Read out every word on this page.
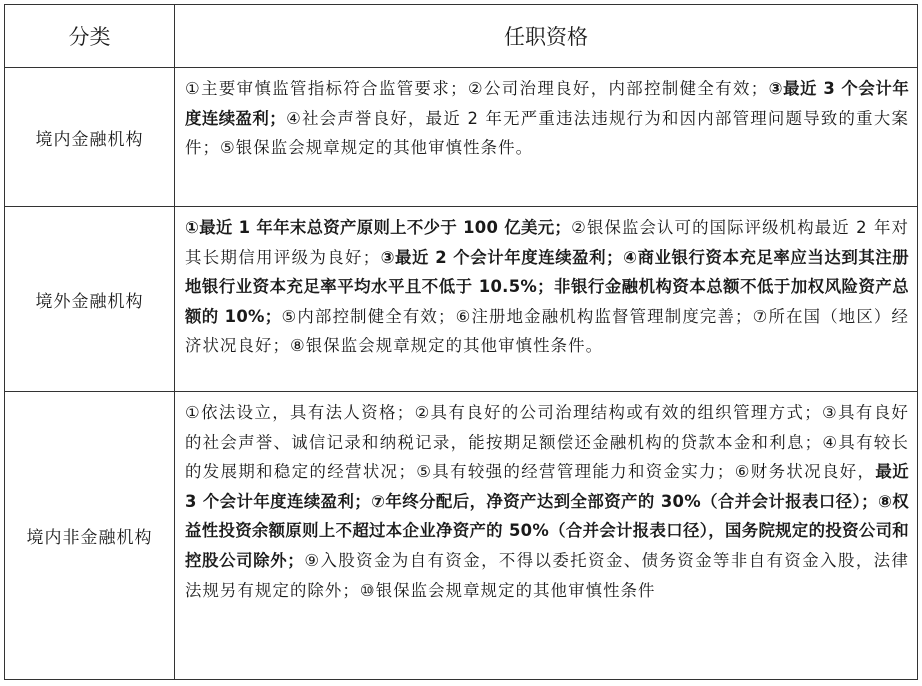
分类	任职资格
境内金融机构	①主要审慎监管指标符合监管要求；②公司治理良好，内部控制健全有效；③最近 3 个会计年度连续盈利；④社会声誉良好，最近 2 年无严重违法违规行为和因内部管理问题导致的重大案件；⑤银保监会规章规定的其他审慎性条件。
境外金融机构	①最近 1 年年末总资产原则上不少于 100 亿美元；②银保监会认可的国际评级机构最近 2 年对其长期信用评级为良好；③最近 2 个会计年度连续盈利；④商业银行资本充足率应当达到其注册地银行业资本充足率平均水平且不低于 10.5%；非银行金融机构资本总额不低于加权风险资产总额的 10%；⑤内部控制健全有效；⑥注册地金融机构监督管理制度完善；⑦所在国（地区）经济状况良好；⑧银保监会规章规定的其他审慎性条件。
境内非金融机构	①依法设立，具有法人资格；②具有良好的公司治理结构或有效的组织管理方式；③具有良好的社会声誉、诚信记录和纳税记录，能按期足额偿还金融机构的贷款本金和利息；④具有较长的发展期和稳定的经营状况；⑤具有较强的经营管理能力和资金实力；⑥财务状况良好，最近 3 个会计年度连续盈利；⑦年终分配后，净资产达到全部资产的 30%（合并会计报表口径）；⑧权益性投资余额原则上不超过本企业净资产的 50%（合并会计报表口径），国务院规定的投资公司和控股公司除外；⑨入股资金为自有资金，不得以委托资金、债务资金等非自有资金入股，法律法规另有规定的除外；⑩银保监会规章规定的其他审慎性条件
